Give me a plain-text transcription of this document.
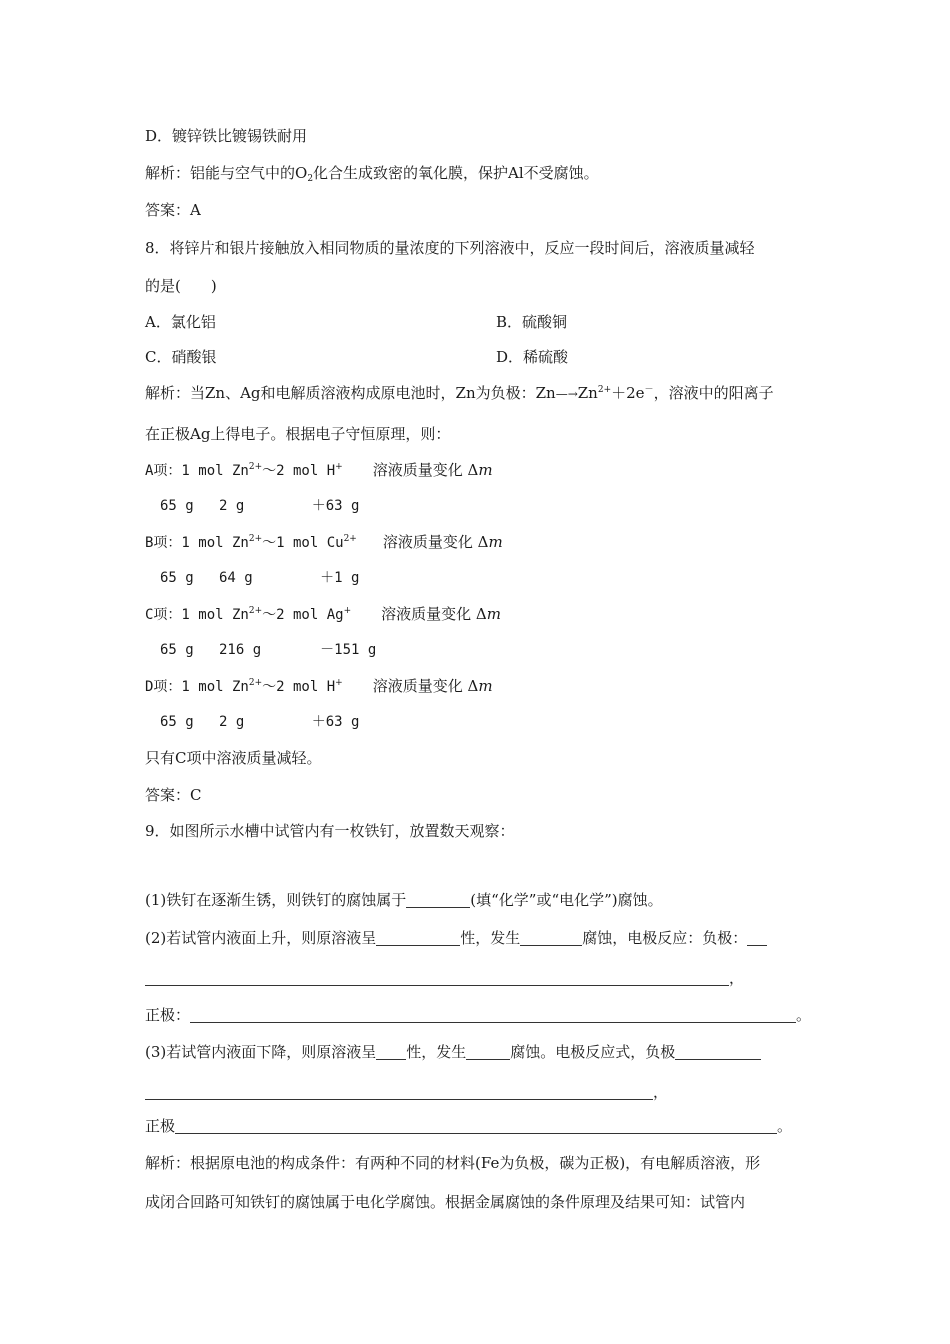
D．镀锌铁比镀锡铁耐用
解析：铝能与空气中的$O_2$化合生成致密的氧化膜，保护Al不受腐蚀。
答案：A
8．将锌片和银片接触放入相同物质的量浓度的下列溶液中，反应一段时间后，溶液质量减轻
的是(　　)
A．氯化铝	B．硫酸铜
C．硝酸银	D．稀硫酸
解析：当Zn、Ag和电解质溶液构成原电池时，Zn为负极：$Zn—\to Zn^{2+}+2e^-$，溶液中的阳离子
在正极Ag上得电子。根据电子守恒原理，则：
A项：1 mol $Zn^{2+}\sim 2$ mol H+ 溶液质量变化 Δm
65 g   2 g        ＋63 g
B项：1 mol $Zn^{2+}\sim 1$ mol $Cu^{2+}$ 溶液质量变化 Δm
65 g   64 g        ＋1 g
C项：1 mol $Zn^{2+}\sim 2$ mol Ag+ 溶液质量变化 Δm
65 g   216 g       －151 g
D项：1 mol $Zn^{2+}\sim 2$ mol H+ 溶液质量变化 Δm
65 g   2 g        ＋63 g
只有C项中溶液质量减轻。
答案：C
9．如图所示水槽中试管内有一枚铁钉，放置数天观察：
(1)铁钉在逐渐生锈，则铁钉的腐蚀属于	(填“化学”或“电化学”)腐蚀。
(2)若试管内液面上升，则原溶液呈	性，发生	腐蚀，电极反应：负极：
，
正极：	。
(3)若试管内液面下降，则原溶液呈 性，发生	腐蚀。电极反应式，负极
，
正极	。
解析：根据原电池的构成条件：有两种不同的材料(Fe为负极，碳为正极)，有电解质溶液，形
成闭合回路可知铁钉的腐蚀属于电化学腐蚀。根据金属腐蚀的条件原理及结果可知：试管内
